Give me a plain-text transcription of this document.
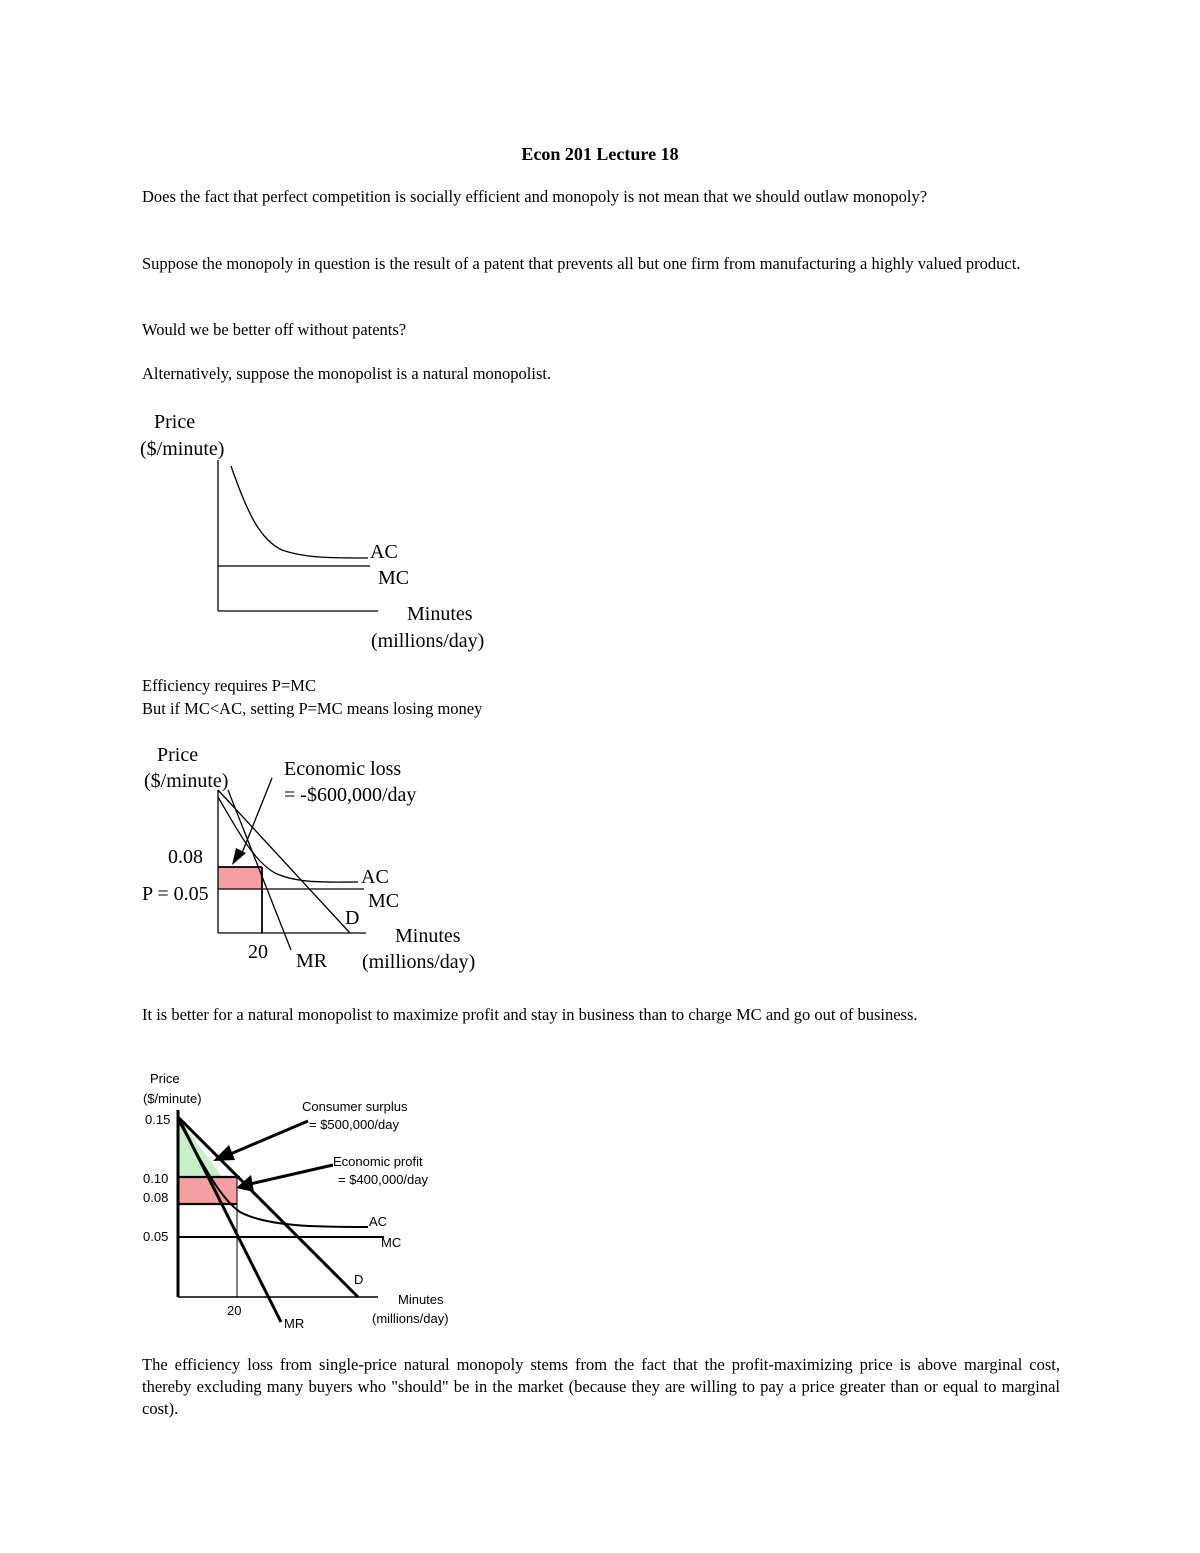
Econ 201 Lecture 18
Does the fact that perfect competition is socially efficient and monopoly is not mean that we should outlaw monopoly?
Suppose the monopoly in question is the result of a patent that prevents all but one firm from manufacturing a highly valued product.
Would we be better off without patents?
Alternatively, suppose the monopolist is a natural monopolist.
Price
($/minute)
AC
MC
Minutes
(millions/day)
Efficiency requires P=MC
But if MC<AC, setting P=MC means losing money
Price
($/minute)
Economic loss
= -$600,000/day
0.08
P = 0.05
20
AC
MC
D
MR
Minutes
(millions/day)
It is better for a natural monopolist to maximize profit and stay in business than to charge MC and go out of business.
Price
($/minute)
0.15
0.10
0.08
0.05
20
Consumer surplus
= $500,000/day
Economic profit
= $400,000/day
AC
MC
D
MR
Minutes
(millions/day)
The efficiency loss from single-price natural monopoly stems from the fact that the profit-maximizing price is above marginal cost, thereby excluding many buyers who "should" be in the market (because they are willing to pay a price greater than or equal to marginal cost).
